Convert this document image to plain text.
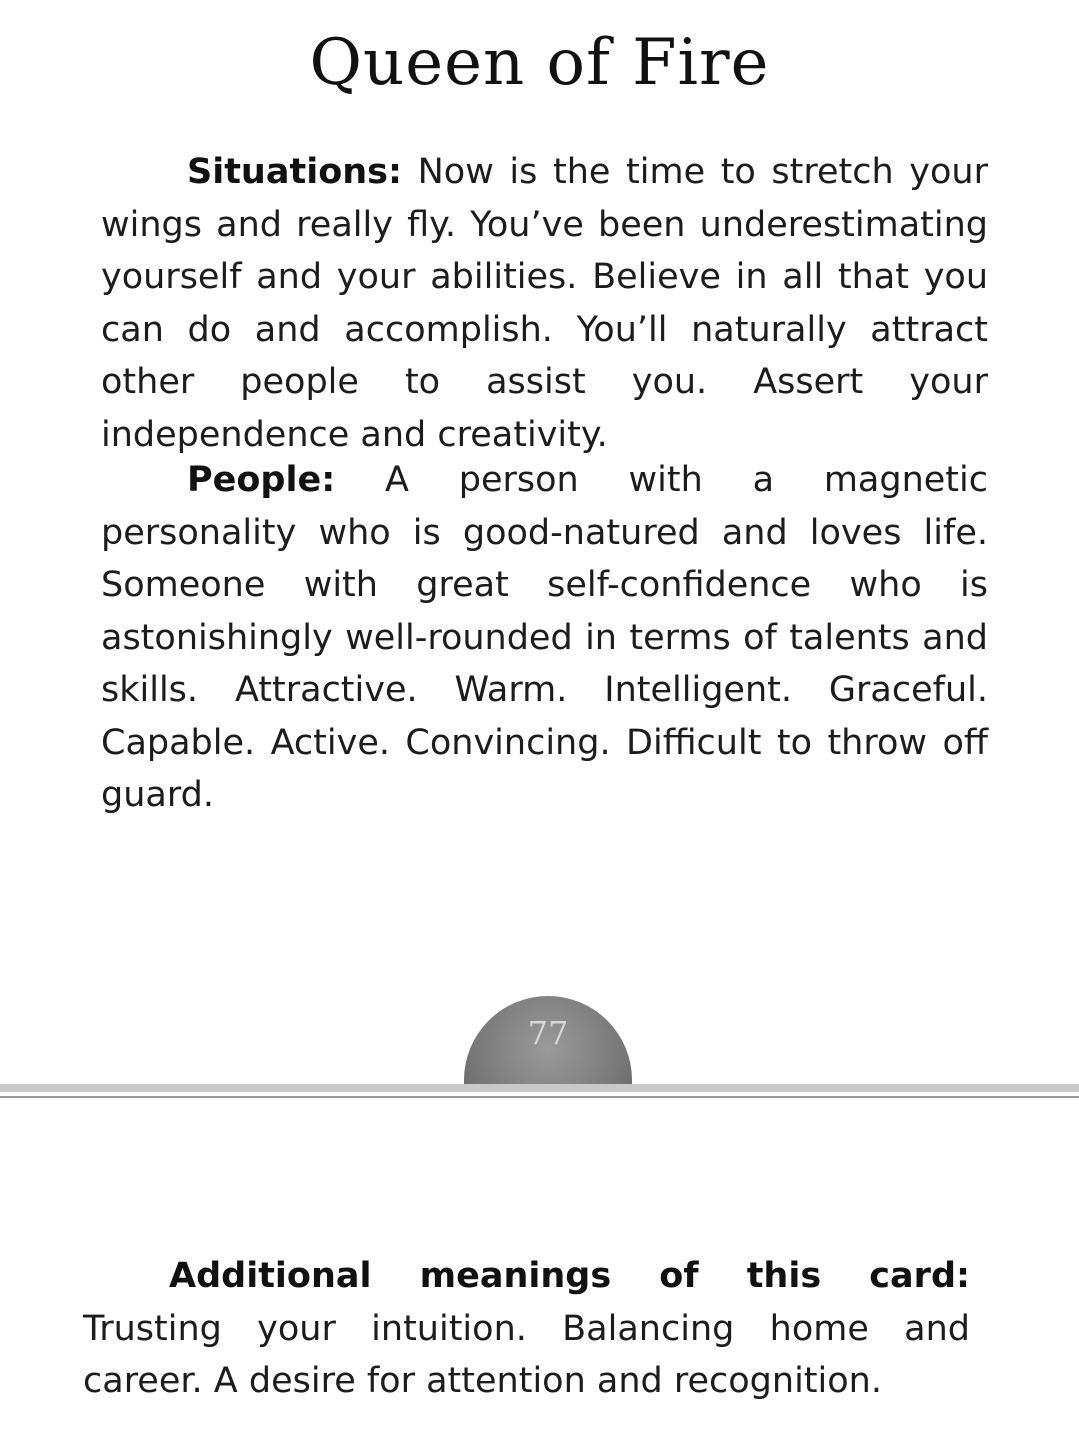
Queen of Fire

Situations: Now is the time to stretch your wings and really fly. You’ve been underestimating yourself and your abilities. Believe in all that you can do and accomplish. You’ll naturally attract other people to assist you. Assert your independence and creativity.

People: A person with a magnetic personality who is good-natured and loves life. Someone with great self-confidence who is astonishingly well-rounded in terms of talents and skills. Attractive. Warm. Intelligent. Graceful. Capable. Active. Convincing. Difficult to throw off guard.

77

Additional meanings of this card: Trusting your intuition. Balancing home and career. A desire for attention and recognition.
